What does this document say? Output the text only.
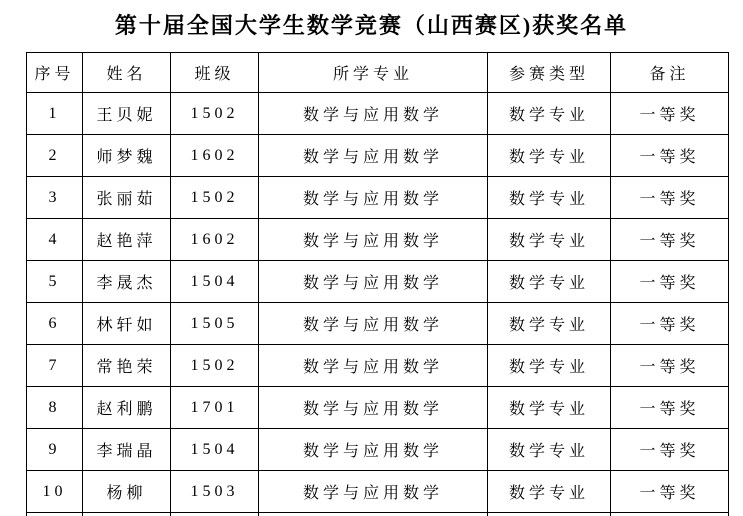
第十届全国大学生数学竞赛（山西赛区)获奖名单
序号	姓名	班级	所学专业	参赛类型	备注
1	王贝妮	1502	数学与应用数学	数学专业	一等奖
2	师梦魏	1602	数学与应用数学	数学专业	一等奖
3	张丽茹	1502	数学与应用数学	数学专业	一等奖
4	赵艳萍	1602	数学与应用数学	数学专业	一等奖
5	李晟杰	1504	数学与应用数学	数学专业	一等奖
6	林轩如	1505	数学与应用数学	数学专业	一等奖
7	常艳荣	1502	数学与应用数学	数学专业	一等奖
8	赵利鹏	1701	数学与应用数学	数学专业	一等奖
9	李瑞晶	1504	数学与应用数学	数学专业	一等奖
10	杨柳	1503	数学与应用数学	数学专业	一等奖
